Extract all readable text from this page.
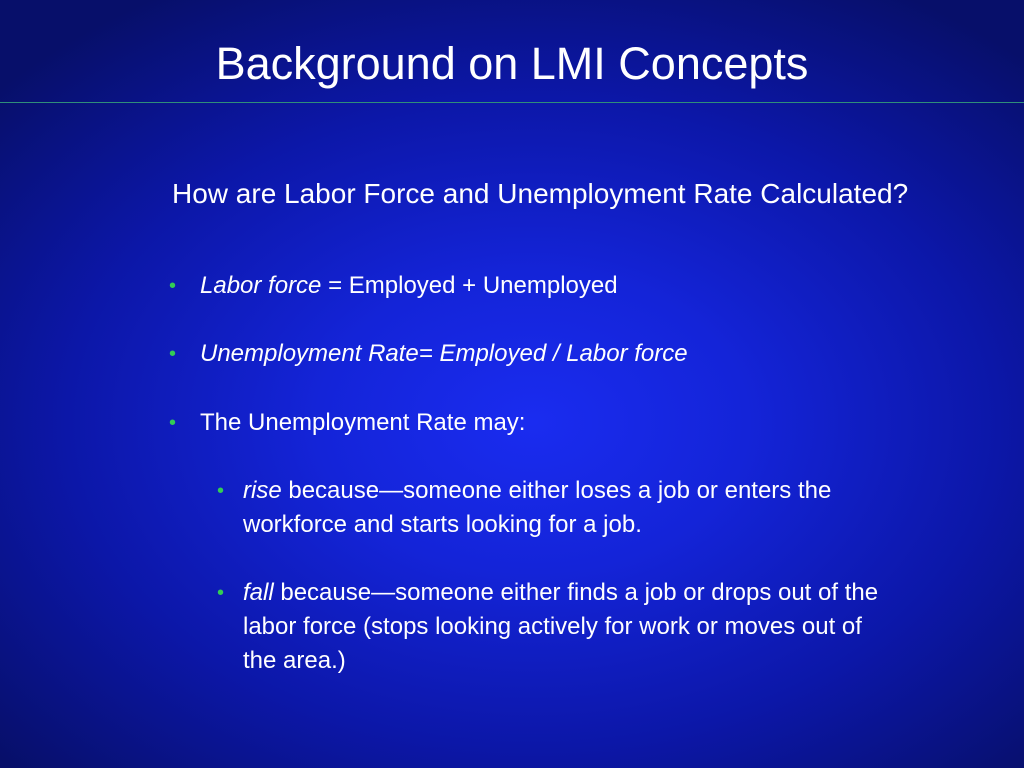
Background on LMI Concepts
How are Labor Force and Unemployment Rate Calculated?
• Labor force = Employed + Unemployed
• Unemployment Rate= Employed / Labor force
• The Unemployment Rate may:
• rise because—someone either loses a job or enters the workforce and starts looking for a job.
• fall because—someone either finds a job or drops out of the labor force (stops looking actively for work or moves out of the area.)
